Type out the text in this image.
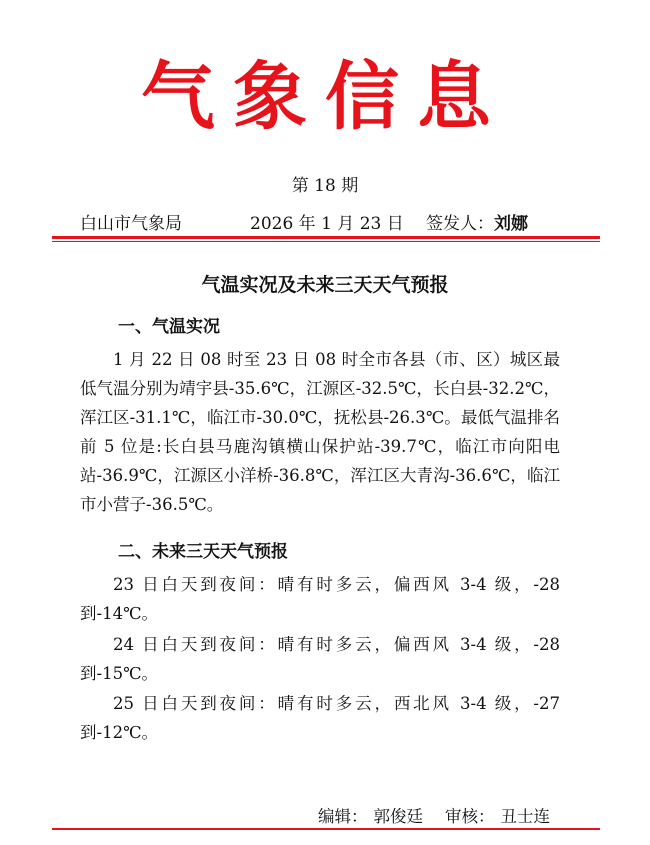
气象信息
第 18 期
白山市气象局	2026 年 1 月 23 日 签发人：刘娜
气温实况及未来三天天气预报
一、气温实况
1 月 22 日 08 时至 23 日 08 时全市各县（市、区）城区最低气温分别为靖宇县-35.6℃，江源区-32.5℃，长白县-32.2℃，浑江区-31.1℃，临江市-30.0℃，抚松县-26.3℃。最低气温排名前 5 位是:长白县马鹿沟镇横山保护站-39.7℃，临江市向阳电站-36.9℃，江源区小洋桥-36.8℃，浑江区大青沟-36.6℃，临江市小营子-36.5℃。
二、未来三天天气预报
23 日白天到夜间：晴有时多云，偏西风 3-4 级，-28 到-14℃。
24 日白天到夜间：晴有时多云，偏西风 3-4 级，-28 到-15℃。
25 日白天到夜间：晴有时多云，西北风 3-4 级，-27 到-12℃。
编辑： 郭俊廷 审核： 丑士连
